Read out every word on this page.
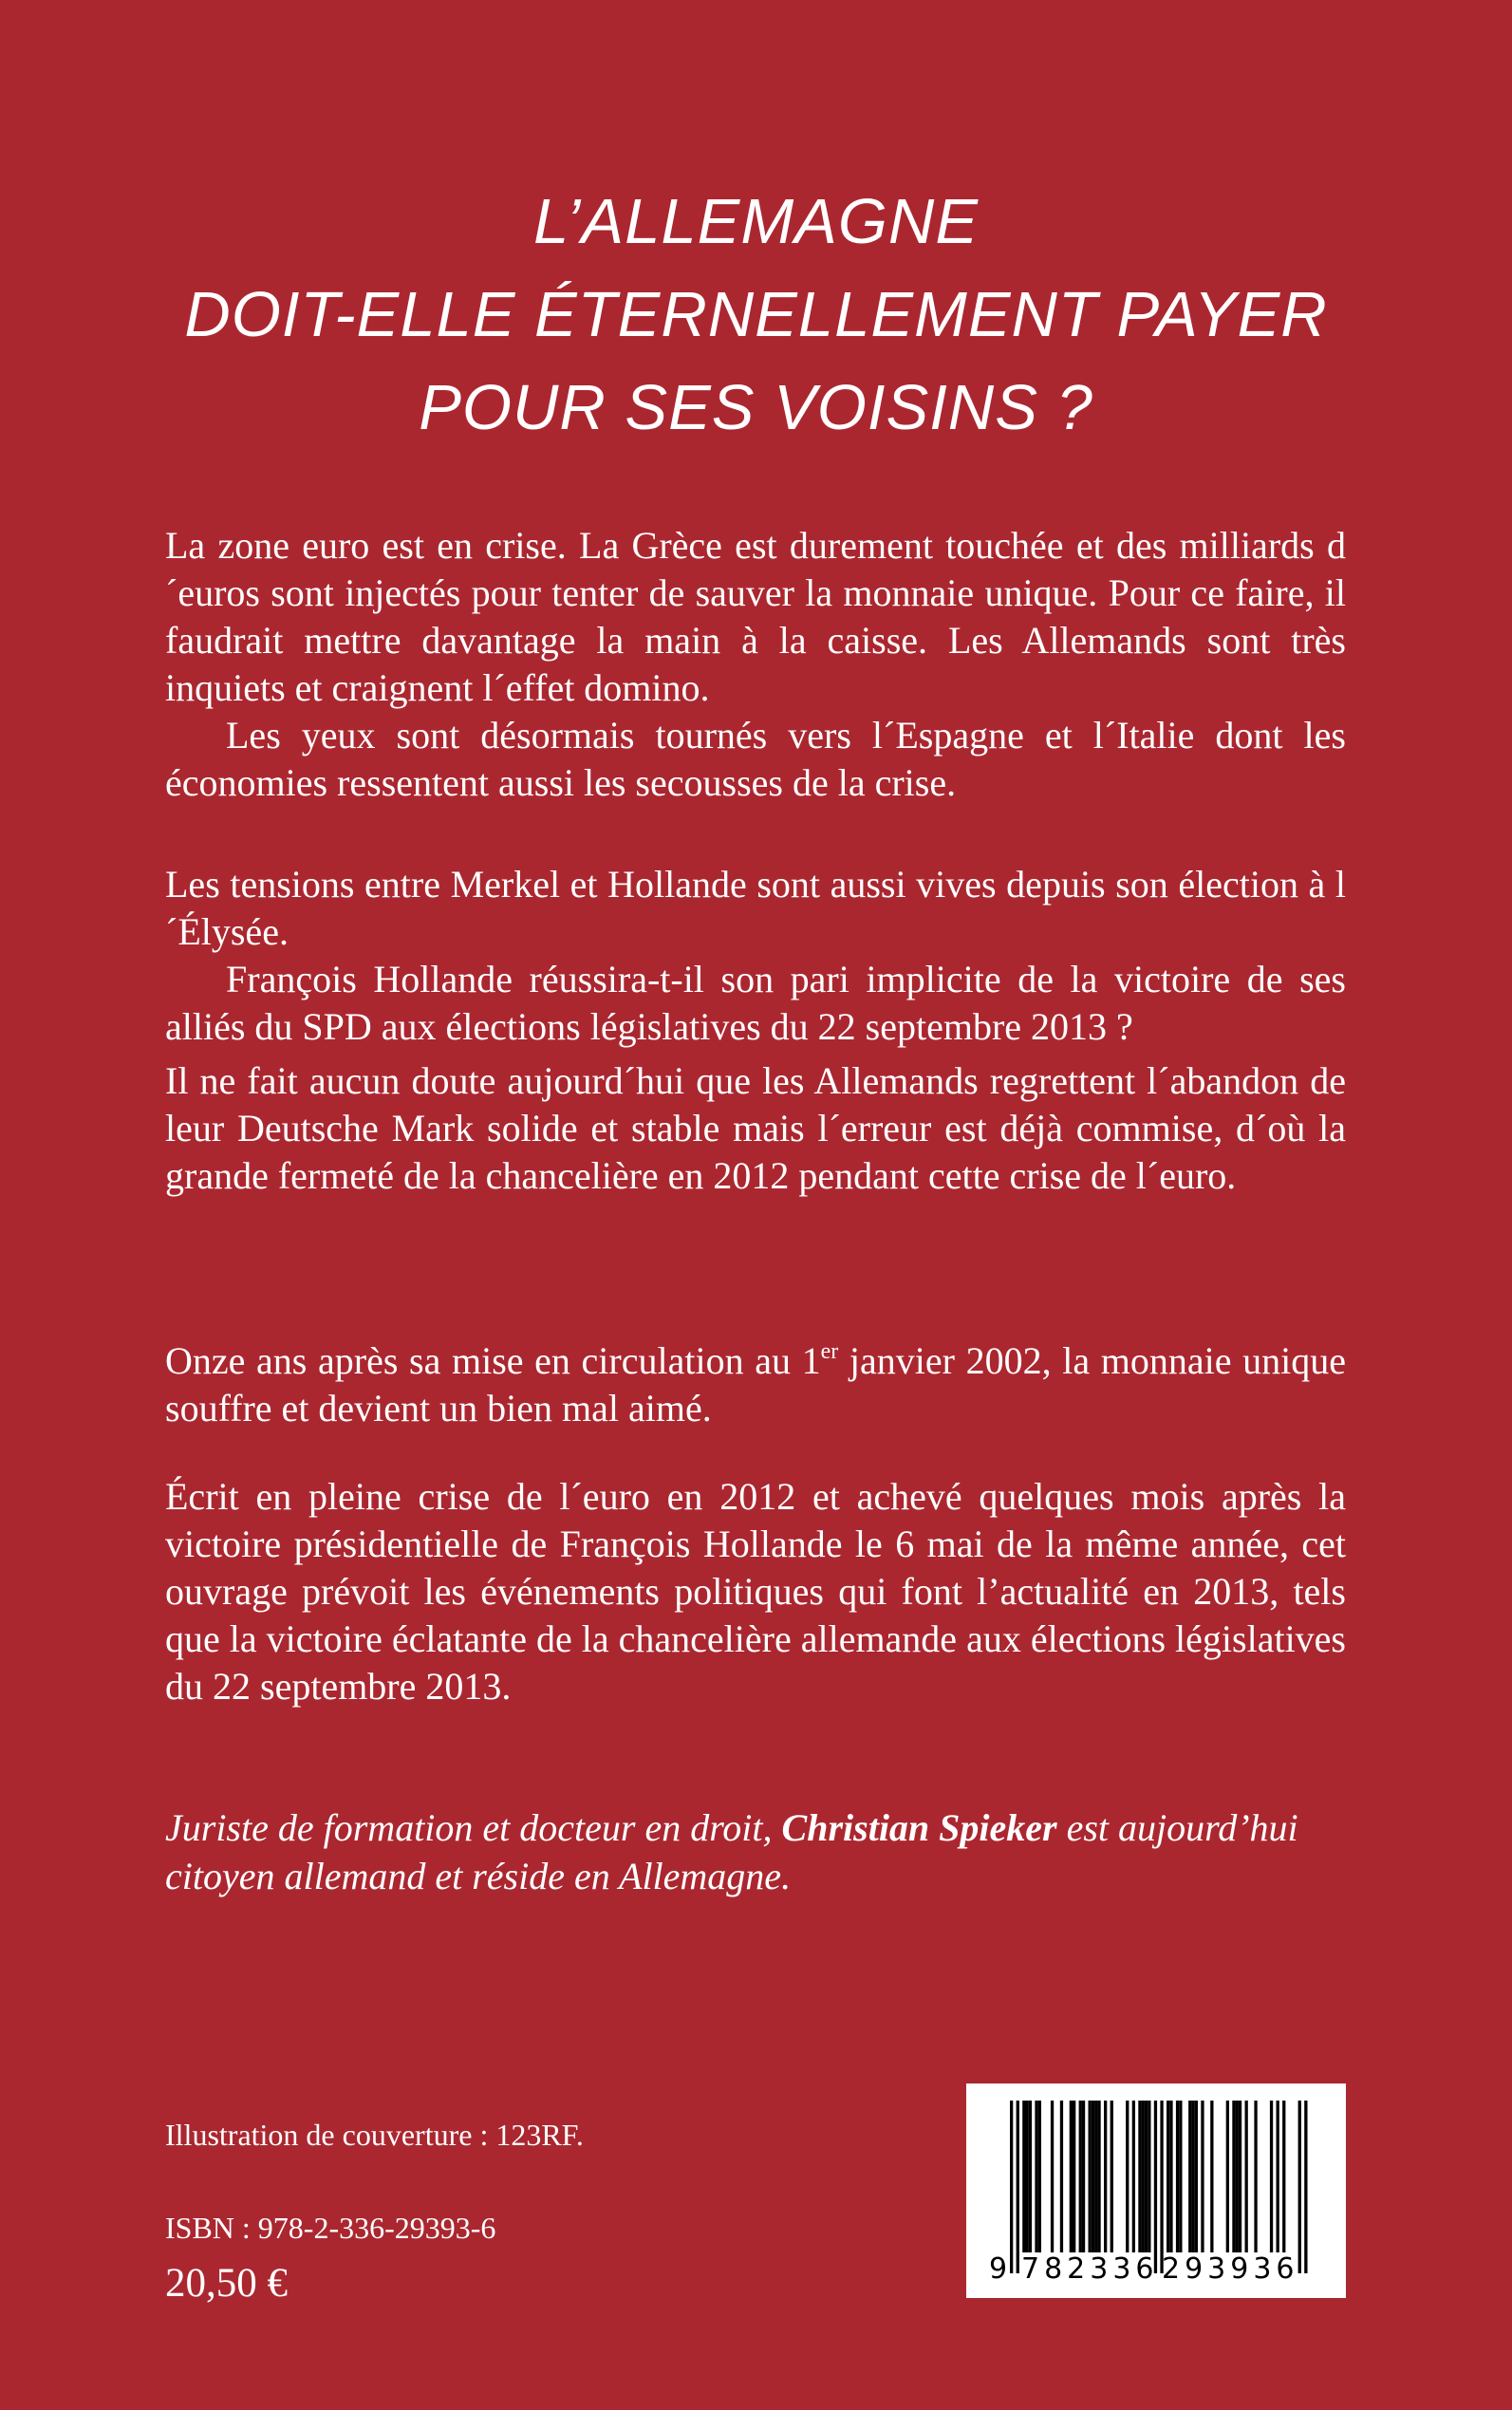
L’ALLEMAGNE
DOIT-ELLE ÉTERNELLEMENT PAYER
POUR SES VOISINS ?

La zone euro est en crise. La Grèce est durement touchée et des milliards d´euros sont injectés pour tenter de sauver la monnaie unique. Pour ce faire, il faudrait mettre davantage la main à la caisse. Les Allemands sont très inquiets et craignent l´effet domino.

Les yeux sont désormais tournés vers l´Espagne et l´Italie dont les économies ressentent aussi les secousses de la crise.

Les tensions entre Merkel et Hollande sont aussi vives depuis son élection à l´Élysée.

François Hollande réussira-t-il son pari implicite de la victoire de ses alliés du SPD aux élections législatives du 22 septembre 2013 ?

Il ne fait aucun doute aujourd´hui que les Allemands regrettent l´abandon de leur Deutsche Mark solide et stable mais l´erreur est déjà commise, d´où la grande fermeté de la chancelière en 2012 pendant cette crise de l´euro.

Onze ans après sa mise en circulation au 1er janvier 2002, la monnaie unique souffre et devient un bien mal aimé.

Écrit en pleine crise de l´euro en 2012 et achevé quelques mois après la victoire présidentielle de François Hollande le 6 mai de la même année, cet ouvrage prévoit les événements politiques qui font l’actualité en 2013, tels que la victoire éclatante de la chancelière allemande aux élections législatives du 22 septembre 2013.

Juriste de formation et docteur en droit, Christian Spieker est aujourd’hui citoyen allemand et réside en Allemagne.
Illustration de couverture : 123RF.
ISBN : 978-2-336-29393-6
20,50 €	9 782336 293936
